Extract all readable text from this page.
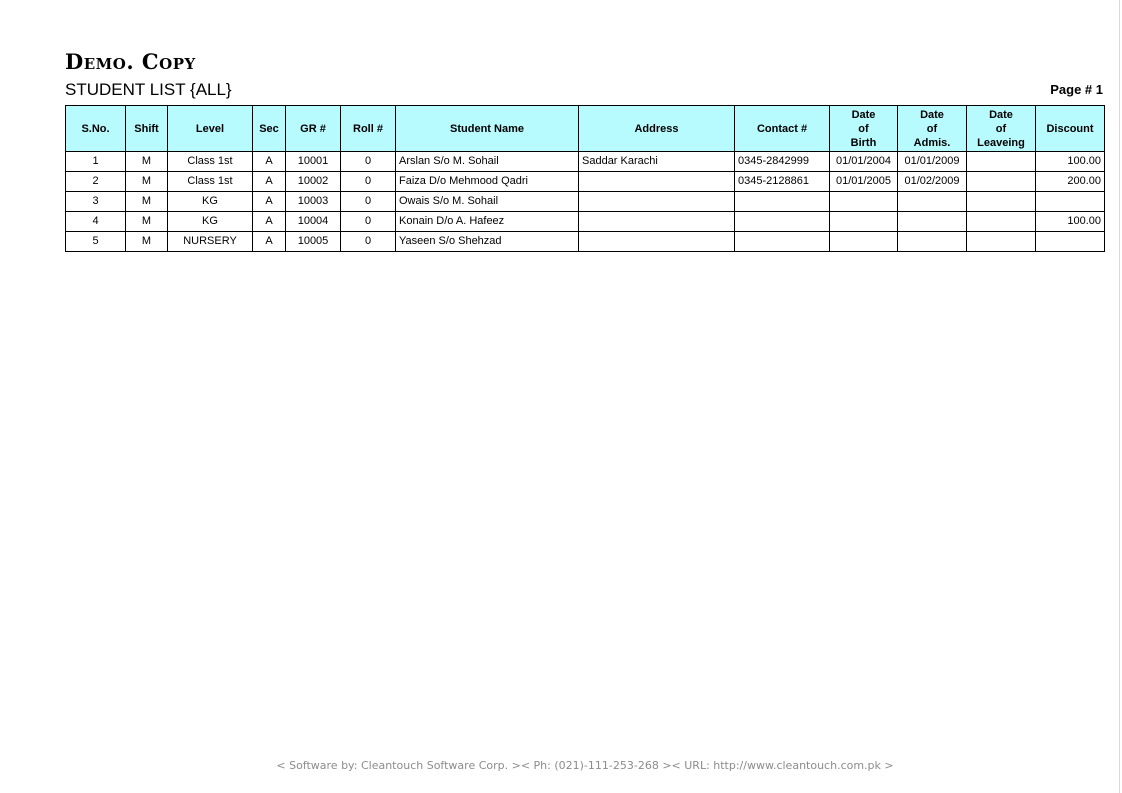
Demo. Copy
STUDENT LIST {ALL}	Page # 1
S.No.	Shift	Level	Sec	GR #	Roll #	Student Name	Address	Contact #	Date
of
Birth	Date
of
Admis.	Date
of
Leaveing	Discount
1	M	Class 1st	A	10001	0	Arslan S/o M. Sohail	Saddar Karachi	0345-2842999	01/01/2004	01/01/2009		100.00
2	M	Class 1st	A	10002	0	Faiza D/o Mehmood Qadri		0345-2128861	01/01/2005	01/02/2009		200.00
3	M	KG	A	10003	0	Owais S/o M. Sohail						
4	M	KG	A	10004	0	Konain D/o A. Hafeez						100.00
5	M	NURSERY	A	10005	0	Yaseen S/o Shehzad						
< Software by: Cleantouch Software Corp. >< Ph: (021)-111-253-268 >< URL: http://www.cleantouch.com.pk >
